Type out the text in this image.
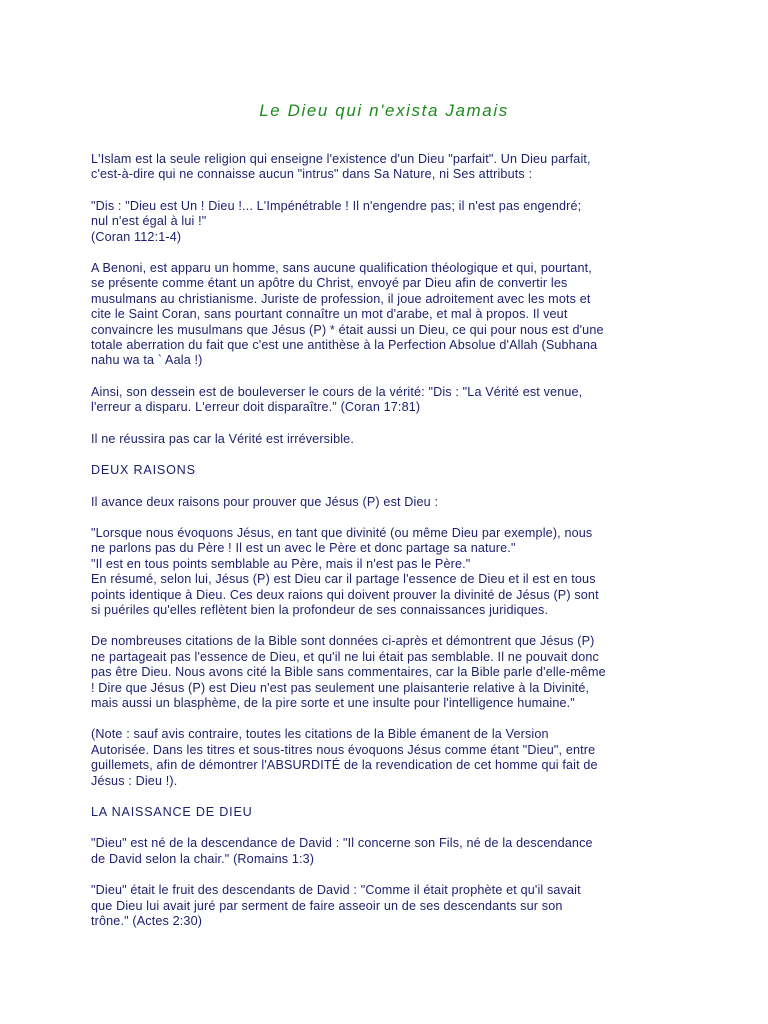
Le Dieu qui n'exista Jamais

L'Islam est la seule religion qui enseigne l'existence d'un Dieu "parfait". Un Dieu parfait,
c'est-à-dire qui ne connaisse aucun "intrus" dans Sa Nature, ni Ses attributs :

"Dis : "Dieu est Un ! Dieu !... L'Impénétrable ! Il n'engendre pas; il n'est pas engendré;
nul n'est égal à lui !"
(Coran 112:1-4)

A Benoni, est apparu un homme, sans aucune qualification théologique et qui, pourtant,
se présente comme étant un apôtre du Christ, envoyé par Dieu afin de convertir les
musulmans au christianisme. Juriste de profession, il joue adroitement avec les mots et
cite le Saint Coran, sans pourtant connaître un mot d'arabe, et mal à propos. Il veut
convaincre les musulmans que Jésus (P) * était aussi un Dieu, ce qui pour nous est d'une
totale aberration du fait que c'est une antithèse à la Perfection Absolue d'Allah (Subhana
nahu wa ta ` Aala !)

Ainsi, son dessein est de bouleverser le cours de la vérité: "Dis : "La Vérité est venue,
l'erreur a disparu. L'erreur doit disparaître." (Coran 17:81)

Il ne réussira pas car la Vérité est irréversible.

DEUX RAISONS

Il avance deux raisons pour prouver que Jésus (P) est Dieu :

"Lorsque nous évoquons Jésus, en tant que divinité (ou même Dieu par exemple), nous
ne parlons pas du Père ! Il est un avec le Père et donc partage sa nature."
"Il est en tous points semblable au Père, mais il n'est pas le Père."
En résumé, selon lui, Jésus (P) est Dieu car il partage l'essence de Dieu et il est en tous
points identique à Dieu. Ces deux raions qui doivent prouver la divinité de Jésus (P) sont
si puériles qu'elles reflètent bien la profondeur de ses connaissances juridiques.

De nombreuses citations de la Bible sont données ci-après et démontrent que Jésus (P)
ne partageait pas l'essence de Dieu, et qu'il ne lui était pas semblable. Il ne pouvait donc
pas être Dieu. Nous avons cité la Bible sans commentaires, car la Bible parle d'elle-même
! Dire que Jésus (P) est Dieu n'est pas seulement une plaisanterie relative à la Divinité,
mais aussi un blasphème, de la pire sorte et une insulte pour l'intelligence humaine."

(Note : sauf avis contraire, toutes les citations de la Bible émanent de la Version
Autorisée. Dans les titres et sous-titres nous évoquons Jésus comme étant "Dieu", entre
guillemets, afin de démontrer l'ABSURDITÉ de la revendication de cet homme qui fait de
Jésus : Dieu !).

LA NAISSANCE DE DIEU

"Dieu" est né de la descendance de David : "Il concerne son Fils, né de la descendance
de David selon la chair." (Romains 1:3)

"Dieu" était le fruit des descendants de David : "Comme il était prophète et qu'il savait
que Dieu lui avait juré par serment de faire asseoir un de ses descendants sur son
trône." (Actes 2:30)
